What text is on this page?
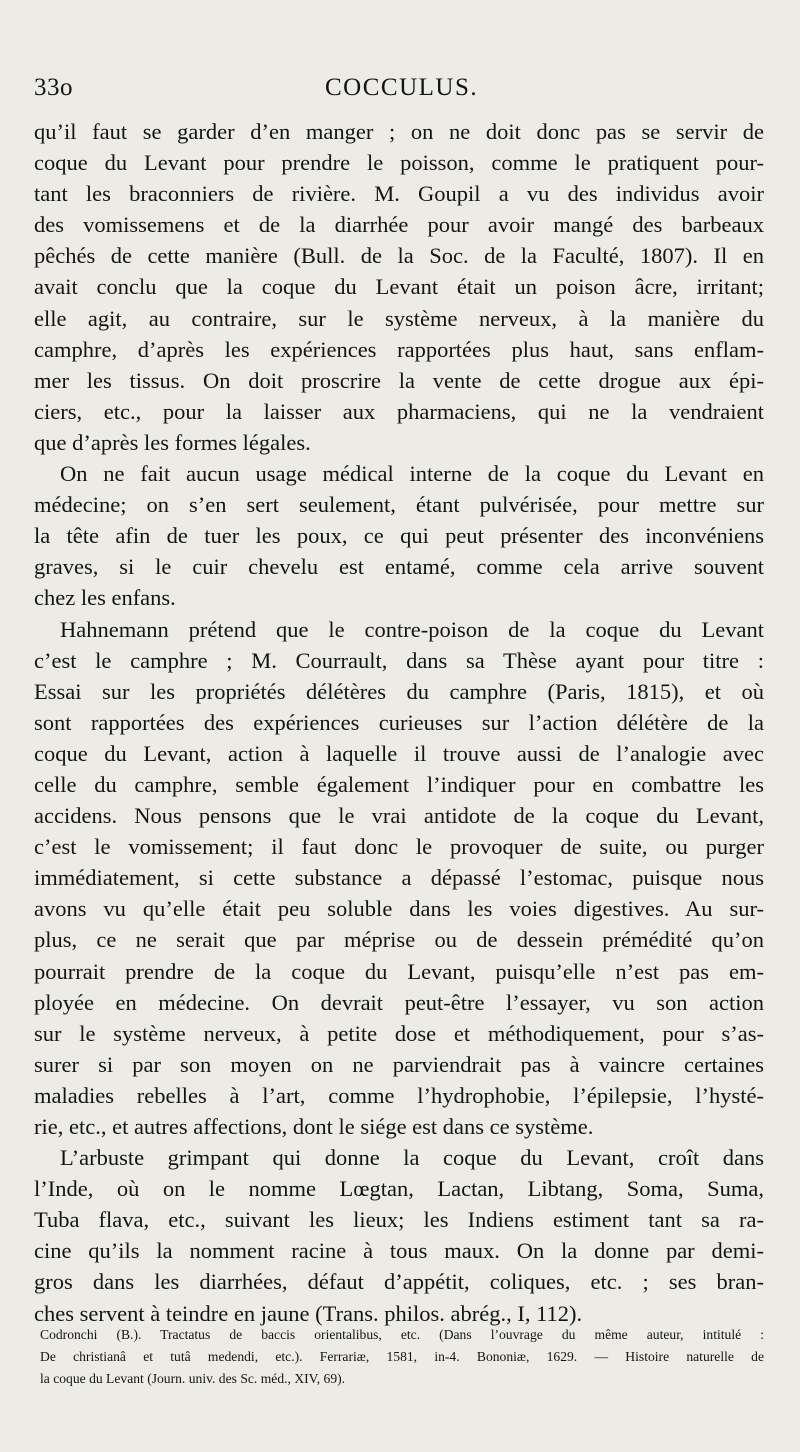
33o	COCCULUS.
qu’il faut se garder d’en manger ; on ne doit donc pas se servir de
coque du Levant pour prendre le poisson, comme le pratiquent pour-
tant les braconniers de rivière. M. Goupil a vu des individus avoir
des vomissemens et de la diarrhée pour avoir mangé des barbeaux
pêchés de cette manière (Bull. de la Soc. de la Faculté, 1807). Il en
avait conclu que la coque du Levant était un poison âcre, irritant;
elle agit, au contraire, sur le système nerveux, à la manière du
camphre, d’après les expériences rapportées plus haut, sans enflam-
mer les tissus. On doit proscrire la vente de cette drogue aux épi-
ciers, etc., pour la laisser aux pharmaciens, qui ne la vendraient
que d’après les formes légales.
On ne fait aucun usage médical interne de la coque du Levant en
médecine; on s’en sert seulement, étant pulvérisée, pour mettre sur
la tête afin de tuer les poux, ce qui peut présenter des inconvéniens
graves, si le cuir chevelu est entamé, comme cela arrive souvent
chez les enfans.
Hahnemann prétend que le contre-poison de la coque du Levant
c’est le camphre ; M. Courrault, dans sa Thèse ayant pour titre :
Essai sur les propriétés délétères du camphre (Paris, 1815), et où
sont rapportées des expériences curieuses sur l’action délétère de la
coque du Levant, action à laquelle il trouve aussi de l’analogie avec
celle du camphre, semble également l’indiquer pour en combattre les
accidens. Nous pensons que le vrai antidote de la coque du Levant,
c’est le vomissement; il faut donc le provoquer de suite, ou purger
immédiatement, si cette substance a dépassé l’estomac, puisque nous
avons vu qu’elle était peu soluble dans les voies digestives. Au sur-
plus, ce ne serait que par méprise ou de dessein prémédité qu’on
pourrait prendre de la coque du Levant, puisqu’elle n’est pas em-
ployée en médecine. On devrait peut-être l’essayer, vu son action
sur le système nerveux, à petite dose et méthodiquement, pour s’as-
surer si par son moyen on ne parviendrait pas à vaincre certaines
maladies rebelles à l’art, comme l’hydrophobie, l’épilepsie, l’hysté-
rie, etc., et autres affections, dont le siége est dans ce système.
L’arbuste grimpant qui donne la coque du Levant, croît dans
l’Inde, où on le nomme Lœgtan, Lactan, Libtang, Soma, Suma,
Tuba flava, etc., suivant les lieux; les Indiens estiment tant sa ra-
cine qu’ils la nomment racine à tous maux. On la donne par demi-
gros dans les diarrhées, défaut d’appétit, coliques, etc. ; ses bran-
ches servent à teindre en jaune (Trans. philos. abrég., I, 112).
Codronchi (B.). Tractatus de baccis orientalibus, etc. (Dans l’ouvrage du même auteur, intitulé :
De christianâ et tutâ medendi, etc.). Ferrariæ, 1581, in-4. Bononiæ, 1629. — Histoire naturelle de
la coque du Levant (Journ. univ. des Sc. méd., XIV, 69).
